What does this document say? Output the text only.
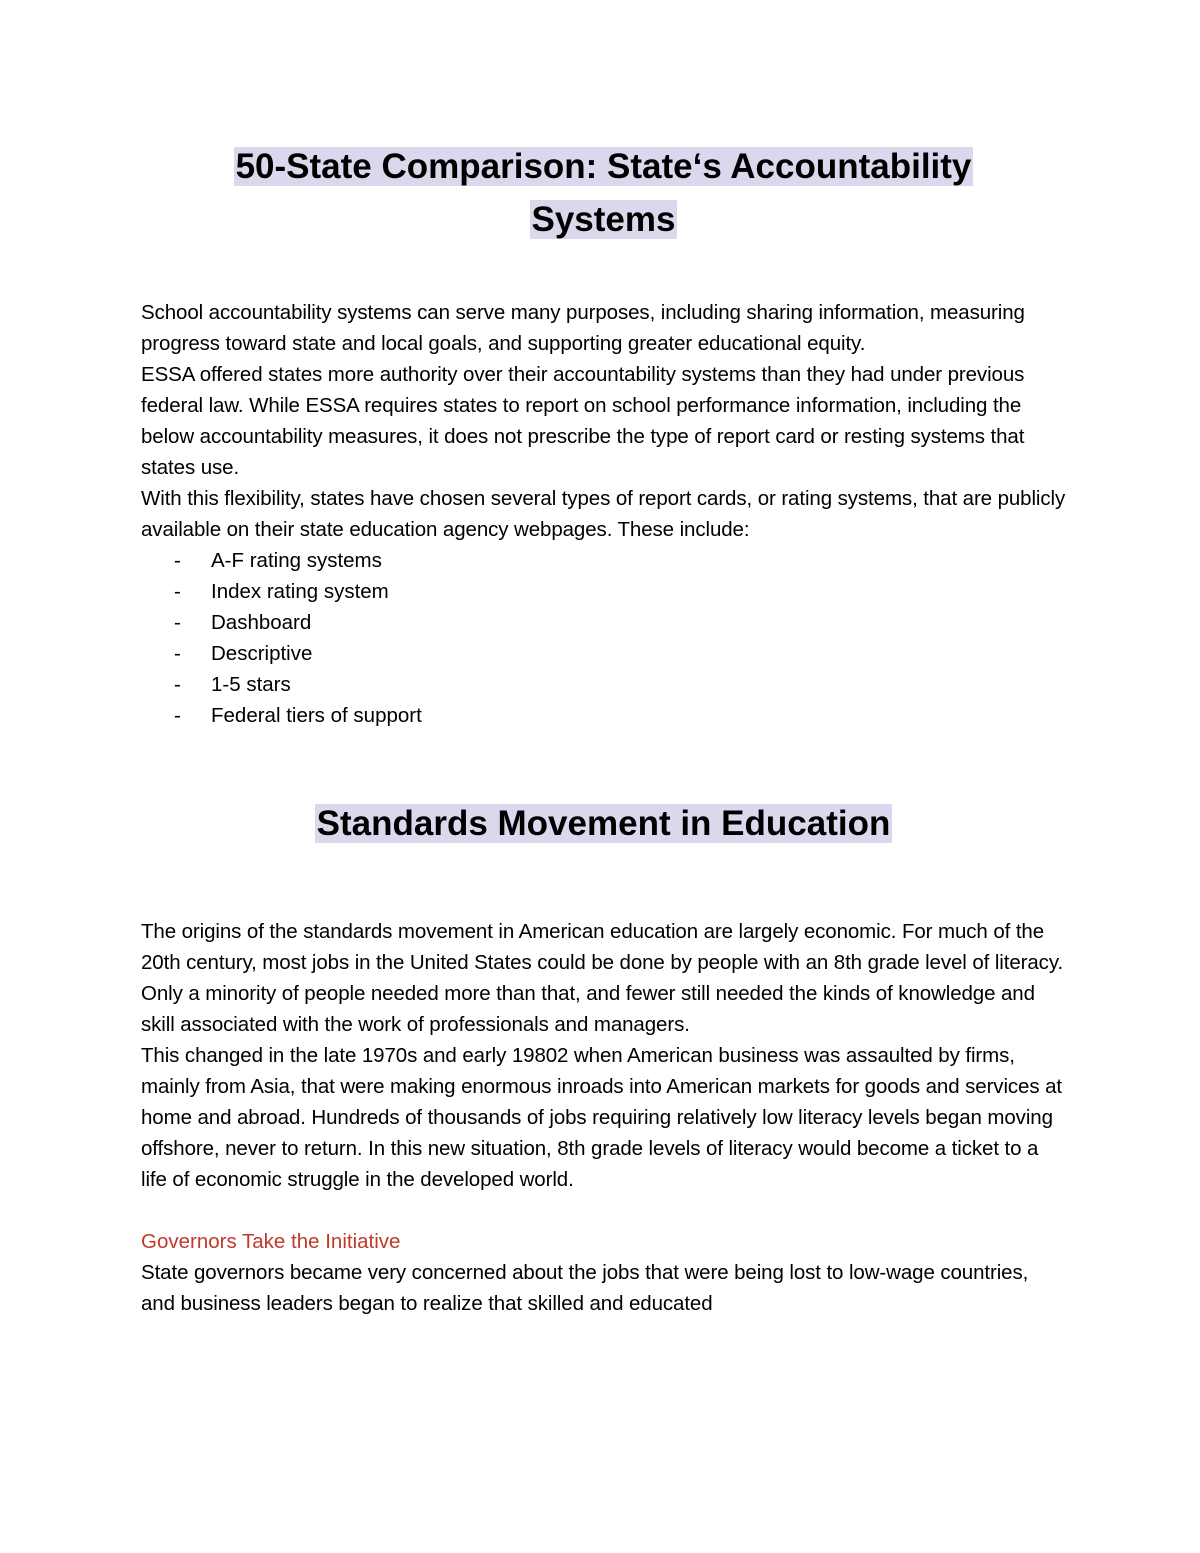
50-State Comparison: State‘s Accountability
Systems

School accountability systems can serve many purposes, including sharing information, measuring progress toward state and local goals, and supporting greater educational equity.

ESSA offered states more authority over their accountability systems than they had under previous federal law. While ESSA requires states to report on school performance information, including the below accountability measures, it does not prescribe the type of report card or resting systems that states use.

With this flexibility, states have chosen several types of report cards, or rating systems, that are publicly available on their state education agency webpages. These include:

- A-F rating systems
- Index rating system
- Dashboard
- Descriptive
- 1-5 stars
- Federal tiers of support
Standards Movement in Education

The origins of the standards movement in American education are largely economic. For much of the 20th century, most jobs in the United States could be done by people with an 8th grade level of literacy. Only a minority of people needed more than that, and fewer still needed the kinds of knowledge and skill associated with the work of professionals and managers.

This changed in the late 1970s and early 19802 when American business was assaulted by firms, mainly from Asia, that were making enormous inroads into American markets for goods and services at home and abroad. Hundreds of thousands of jobs requiring relatively low literacy levels began moving offshore, never to return. In this new situation, 8th grade levels of literacy would become a ticket to a life of economic struggle in the developed world.

Governors Take the Initiative

State governors became very concerned about the jobs that were being lost to low-wage countries, and business leaders began to realize that skilled and educated
